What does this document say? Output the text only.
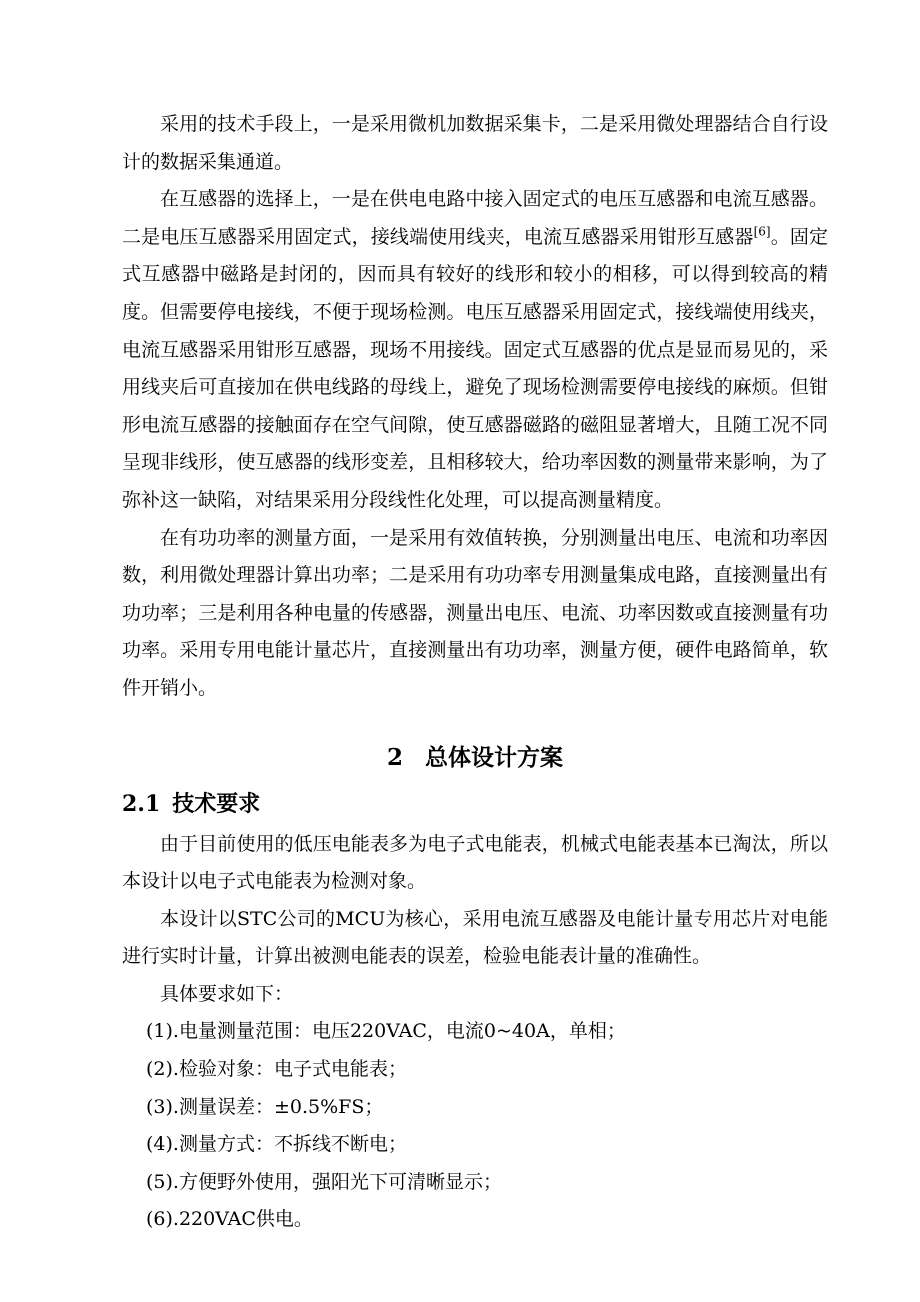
采用的技术手段上，一是采用微机加数据采集卡，二是采用微处理器结合自行设计的数据采集通道。

在互感器的选择上，一是在供电电路中接入固定式的电压互感器和电流互感器。二是电压互感器采用固定式，接线端使用线夹，电流互感器采用钳形互感器[6]。固定式互感器中磁路是封闭的，因而具有较好的线形和较小的相移，可以得到较高的精度。但需要停电接线，不便于现场检测。电压互感器采用固定式，接线端使用线夹，电流互感器采用钳形互感器，现场不用接线。固定式互感器的优点是显而易见的，采用线夹后可直接加在供电线路的母线上，避免了现场检测需要停电接线的麻烦。但钳形电流互感器的接触面存在空气间隙，使互感器磁路的磁阻显著增大，且随工况不同呈现非线形，使互感器的线形变差，且相移较大，给功率因数的测量带来影响，为了弥补这一缺陷，对结果采用分段线性化处理，可以提高测量精度。

在有功功率的测量方面，一是采用有效值转换，分别测量出电压、电流和功率因数，利用微处理器计算出功率；二是采用有功功率专用测量集成电路，直接测量出有功功率；三是利用各种电量的传感器，测量出电压、电流、功率因数或直接测量有功功率。采用专用电能计量芯片，直接测量出有功功率，测量方便，硬件电路简单，软件开销小。

2 总体设计方案
2.1 技术要求

由于目前使用的低压电能表多为电子式电能表，机械式电能表基本已淘汰，所以本设计以电子式电能表为检测对象。

本设计以STC公司的MCU为核心，采用电流互感器及电能计量专用芯片对电能进行实时计量，计算出被测电能表的误差，检验电能表计量的准确性。

具体要求如下：

(1).电量测量范围：电压220VAC，电流0~40A，单相；
(2).检验对象：电子式电能表；
(3).测量误差：±0.5%FS；
(4).测量方式：不拆线不断电；
(5).方便野外使用，强阳光下可清晰显示；
(6).220VAC供电。
